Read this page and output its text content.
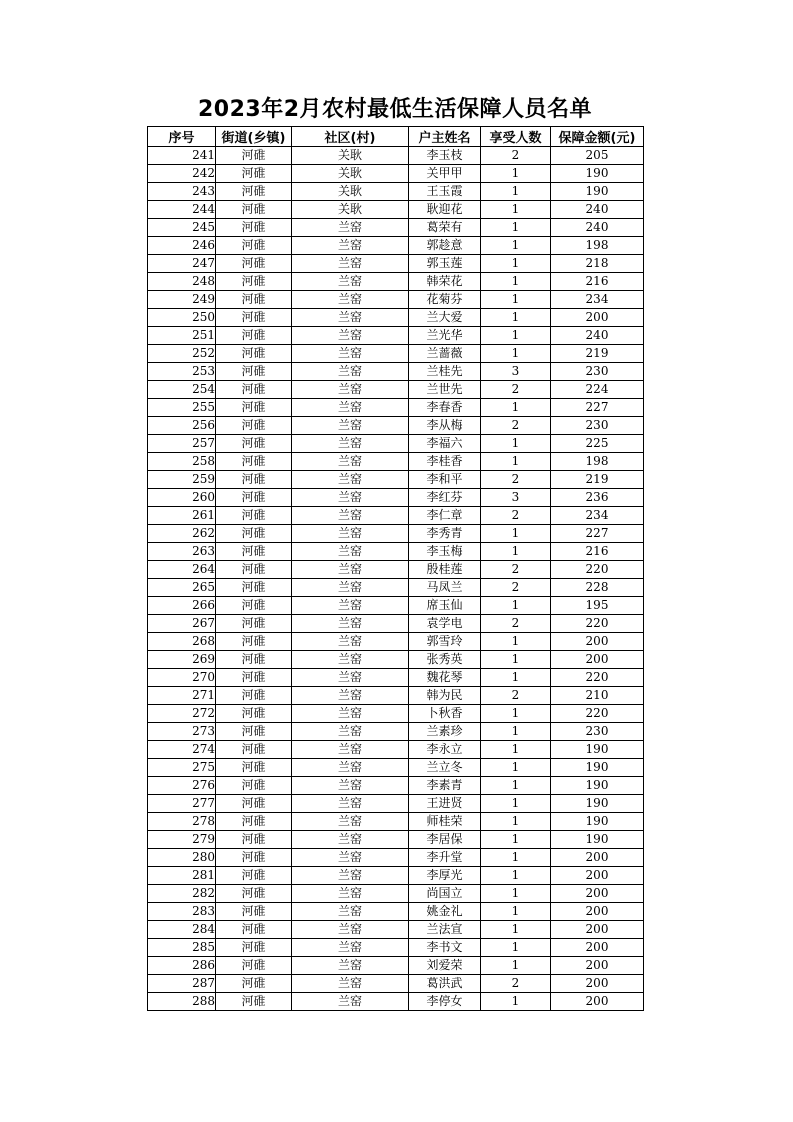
2023年2月农村最低生活保障人员名单
序号	街道(乡镇)	社区(村)	户主姓名	享受人数	保障金额(元)
241	河碓	关耿	李玉枝	2	205
242	河碓	关耿	关甲甲	1	190
243	河碓	关耿	王玉霞	1	190
244	河碓	关耿	耿迎花	1	240
245	河碓	兰窑	葛荣有	1	240
246	河碓	兰窑	郭趁意	1	198
247	河碓	兰窑	郭玉莲	1	218
248	河碓	兰窑	韩荣花	1	216
249	河碓	兰窑	花菊芬	1	234
250	河碓	兰窑	兰大爱	1	200
251	河碓	兰窑	兰光华	1	240
252	河碓	兰窑	兰蔷薇	1	219
253	河碓	兰窑	兰桂先	3	230
254	河碓	兰窑	兰世先	2	224
255	河碓	兰窑	李春香	1	227
256	河碓	兰窑	李从梅	2	230
257	河碓	兰窑	李福六	1	225
258	河碓	兰窑	李桂香	1	198
259	河碓	兰窑	李和平	2	219
260	河碓	兰窑	李红芬	3	236
261	河碓	兰窑	李仁章	2	234
262	河碓	兰窑	李秀青	1	227
263	河碓	兰窑	李玉梅	1	216
264	河碓	兰窑	殷桂莲	2	220
265	河碓	兰窑	马凤兰	2	228
266	河碓	兰窑	席玉仙	1	195
267	河碓	兰窑	袁学电	2	220
268	河碓	兰窑	郭雪玲	1	200
269	河碓	兰窑	张秀英	1	200
270	河碓	兰窑	魏花琴	1	220
271	河碓	兰窑	韩为民	2	210
272	河碓	兰窑	卜秋香	1	220
273	河碓	兰窑	兰素珍	1	230
274	河碓	兰窑	李永立	1	190
275	河碓	兰窑	兰立冬	1	190
276	河碓	兰窑	李素青	1	190
277	河碓	兰窑	王进贤	1	190
278	河碓	兰窑	师桂荣	1	190
279	河碓	兰窑	李居保	1	190
280	河碓	兰窑	李升堂	1	200
281	河碓	兰窑	李厚光	1	200
282	河碓	兰窑	尚国立	1	200
283	河碓	兰窑	姚金礼	1	200
284	河碓	兰窑	兰法宣	1	200
285	河碓	兰窑	李书文	1	200
286	河碓	兰窑	刘爱荣	1	200
287	河碓	兰窑	葛洪武	2	200
288	河碓	兰窑	李停女	1	200
